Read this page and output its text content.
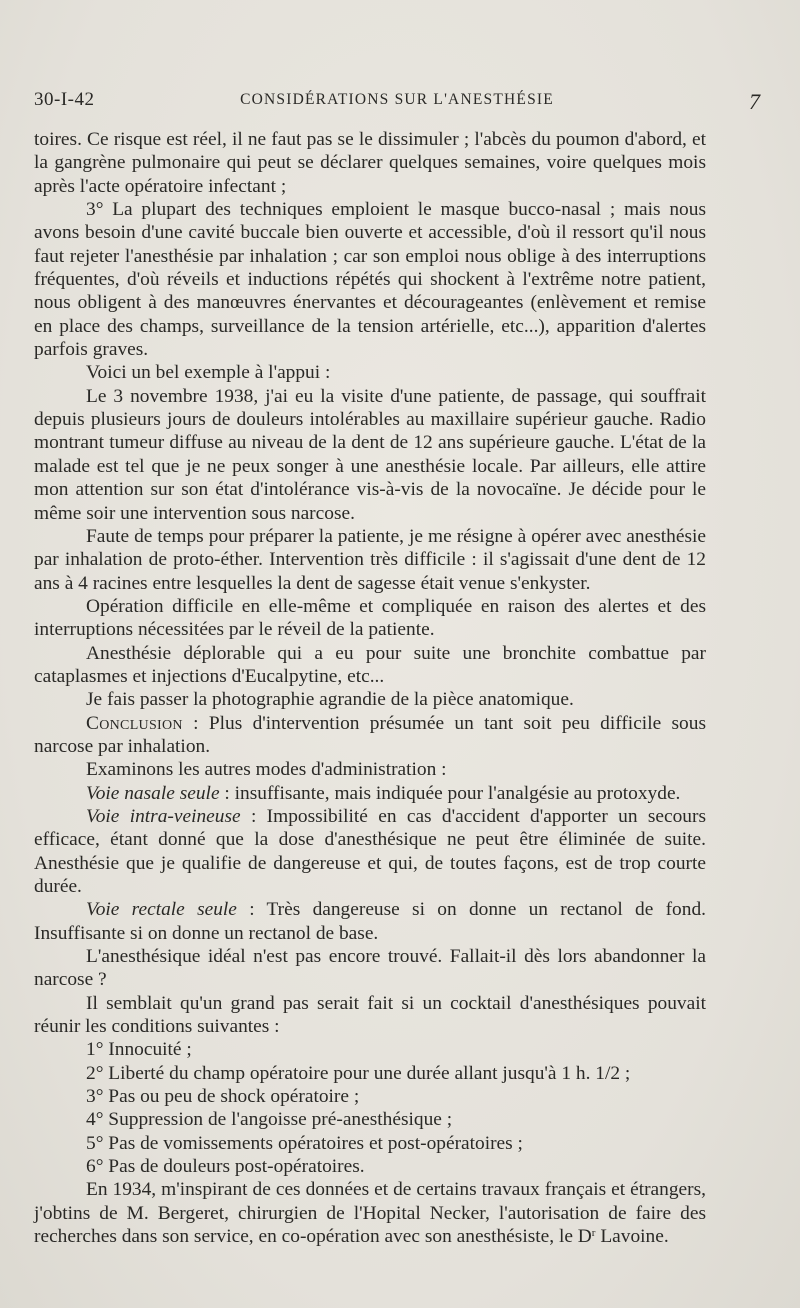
30-I-42	CONSIDÉRATIONS SUR L'ANESTHÉSIE	7

toires. Ce risque est réel, il ne faut pas se le dissimuler ; l'abcès du poumon d'abord, et la gangrène pulmonaire qui peut se déclarer quelques semaines, voire quelques mois après l'acte opératoire infectant ;

3° La plupart des techniques emploient le masque bucco-nasal ; mais nous avons besoin d'une cavité buccale bien ouverte et accessible, d'où il ressort qu'il nous faut rejeter l'anesthésie par inhalation ; car son emploi nous oblige à des interruptions fréquentes, d'où réveils et inductions répétés qui shockent à l'extrême notre patient, nous obligent à des manœuvres énervantes et décourageantes (enlèvement et remise en place des champs, surveillance de la tension artérielle, etc...), apparition d'alertes parfois graves.

Voici un bel exemple à l'appui :

Le 3 novembre 1938, j'ai eu la visite d'une patiente, de passage, qui souffrait depuis plusieurs jours de douleurs intolérables au maxillaire supérieur gauche. Radio montrant tumeur diffuse au niveau de la dent de 12 ans supérieure gauche. L'état de la malade est tel que je ne peux songer à une anesthésie locale. Par ailleurs, elle attire mon attention sur son état d'intolérance vis-à-vis de la novocaïne. Je décide pour le même soir une intervention sous narcose.

Faute de temps pour préparer la patiente, je me résigne à opérer avec anesthésie par inhalation de proto-éther. Intervention très difficile : il s'agissait d'une dent de 12 ans à 4 racines entre lesquelles la dent de sagesse était venue s'enkyster.

Opération difficile en elle-même et compliquée en raison des alertes et des interruptions nécessitées par le réveil de la patiente.

Anesthésie déplorable qui a eu pour suite une bronchite combattue par cataplasmes et injections d'Eucalpytine, etc...

Je fais passer la photographie agrandie de la pièce anatomique.

Conclusion : Plus d'intervention présumée un tant soit peu difficile sous narcose par inhalation.

Examinons les autres modes d'administration :

Voie nasale seule : insuffisante, mais indiquée pour l'analgésie au protoxyde.

Voie intra-veineuse : Impossibilité en cas d'accident d'apporter un secours efficace, étant donné que la dose d'anesthésique ne peut être éliminée de suite. Anesthésie que je qualifie de dangereuse et qui, de toutes façons, est de trop courte durée.

Voie rectale seule : Très dangereuse si on donne un rectanol de fond. Insuffisante si on donne un rectanol de base.

L'anesthésique idéal n'est pas encore trouvé. Fallait-il dès lors abandonner la narcose ?

Il semblait qu'un grand pas serait fait si un cocktail d'anesthésiques pouvait réunir les conditions suivantes :

1° Innocuité ;

2° Liberté du champ opératoire pour une durée allant jusqu'à 1 h. 1/2 ;

3° Pas ou peu de shock opératoire ;

4° Suppression de l'angoisse pré-anesthésique ;

5° Pas de vomissements opératoires et post-opératoires ;

6° Pas de douleurs post-opératoires.

En 1934, m'inspirant de ces données et de certains travaux français et étrangers, j'obtins de M. Bergeret, chirurgien de l'Hopital Necker, l'autorisation de faire des recherches dans son service, en co-opération avec son anesthésiste, le $D^r$ Lavoine.
